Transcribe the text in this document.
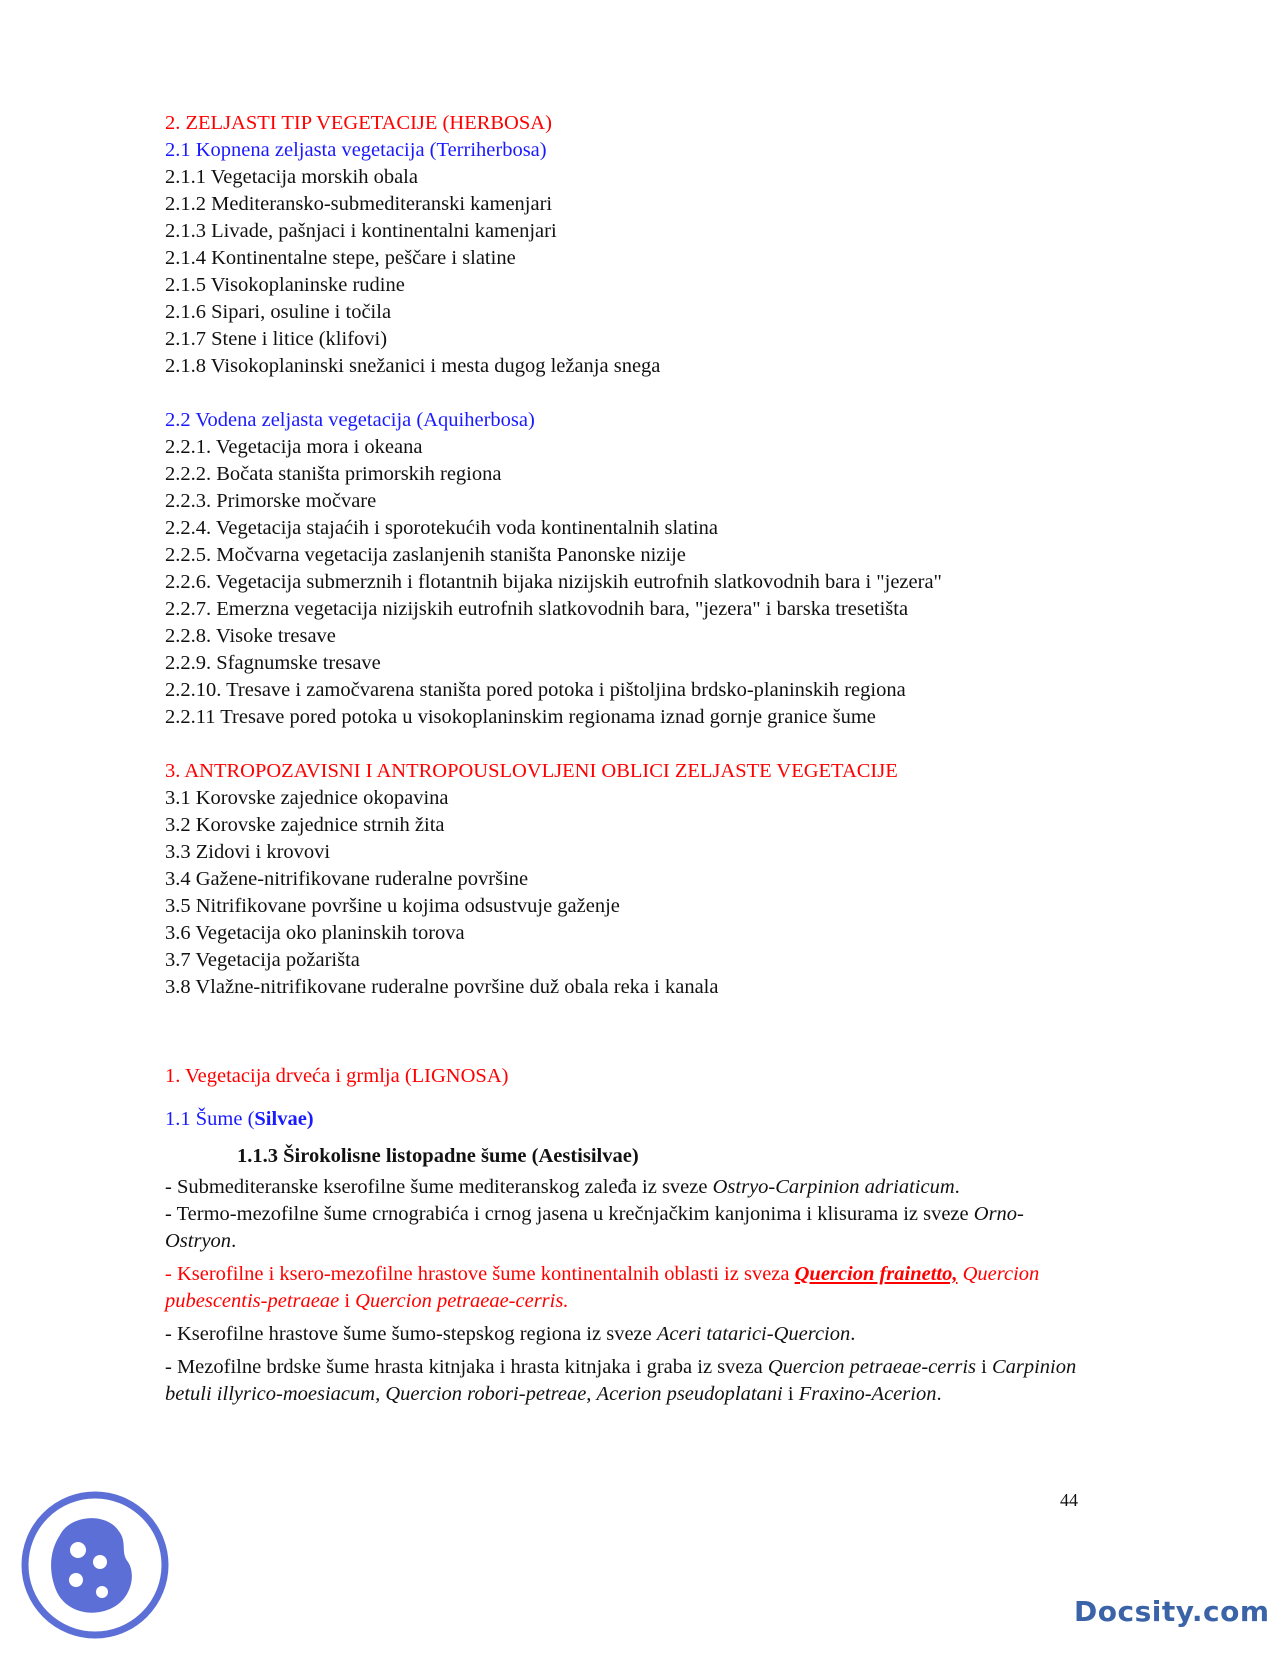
2. ZELJASTI TIP VEGETACIJE (HERBOSA)
2.1 Kopnena zeljasta vegetacija (Terriherbosa)
2.1.1 Vegetacija morskih obala
2.1.2 Mediteransko-submediteranski kamenjari
2.1.3 Livade, pašnjaci i kontinentalni kamenjari
2.1.4 Kontinentalne stepe, peščare i slatine
2.1.5 Visokoplaninske rudine
2.1.6 Sipari, osuline i točila
2.1.7 Stene i litice (klifovi)
2.1.8 Visokoplaninski snežanici i mesta dugog ležanja snega
2.2 Vodena zeljasta vegetacija (Aquiherbosa)
2.2.1. Vegetacija mora i okeana
2.2.2. Bočata staništa primorskih regiona
2.2.3. Primorske močvare
2.2.4. Vegetacija stajaćih i sporotekućih voda kontinentalnih slatina
2.2.5. Močvarna vegetacija zaslanjenih staništa Panonske nizije
2.2.6. Vegetacija submerznih i flotantnih bijaka nizijskih eutrofnih slatkovodnih bara i "jezera"
2.2.7. Emerzna vegetacija nizijskih eutrofnih slatkovodnih bara, "jezera" i barska tresetišta
2.2.8. Visoke tresave
2.2.9. Sfagnumske tresave
2.2.10. Tresave i zamočvarena staništa pored potoka i pištoljina brdsko-planinskih regiona
2.2.11 Tresave pored potoka u visokoplaninskim regionama iznad gornje granice šume
3. ANTROPOZAVISNI I ANTROPOUSLOVLJENI OBLICI ZELJASTE VEGETACIJE
3.1 Korovske zajednice okopavina
3.2 Korovske zajednice strnih žita
3.3 Zidovi i krovovi
3.4 Gažene-nitrifikovane ruderalne površine
3.5 Nitrifikovane površine u kojima odsustvuje gaženje
3.6 Vegetacija oko planinskih torova
3.7 Vegetacija požarišta
3.8 Vlažne-nitrifikovane ruderalne površine duž obala reka i kanala
1. Vegetacija drveća i grmlja (LIGNOSA)
1.1 Šume (Silvae)
1.1.3 Širokolisne listopadne šume (Aestisilvae)
- Submediteranske kserofilne šume mediteranskog zaleđa iz sveze Ostryo-Carpinion adriaticum.
- Termo-mezofilne šume crnograbića i crnog jasena u krečnjačkim kanjonima i klisurama iz sveze Orno-Ostryon.
- Kserofilne i ksero-mezofilne hrastove šume kontinentalnih oblasti iz sveza Quercion frainetto, Quercion pubescentis-petraeae i Quercion petraeae-cerris.
- Kserofilne hrastove šume šumo-stepskog regiona iz sveze Aceri tatarici-Quercion.
- Mezofilne brdske šume hrasta kitnjaka i hrasta kitnjaka i graba iz sveza Quercion petraeae-cerris i Carpinion betuli illyrico-moesiacum, Quercion robori-petreae, Acerion pseudoplatani i Fraxino-Acerion.
44
Docsity.com
